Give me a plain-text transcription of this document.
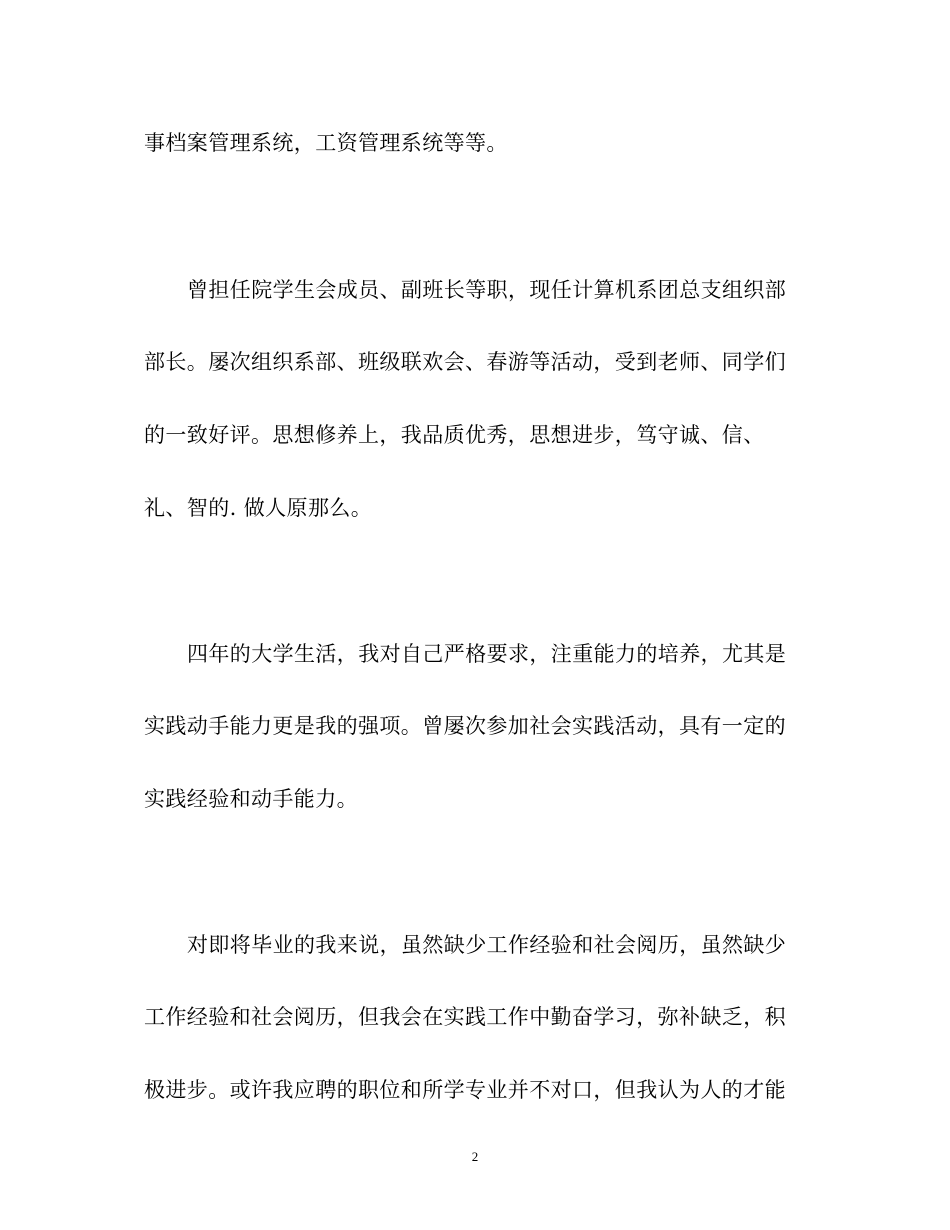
事档案管理系统，工资管理系统等等。
曾担任院学生会成员、副班长等职，现任计算机系团总支组织部
部长。屡次组织系部、班级联欢会、春游等活动，受到老师、同学们
的一致好评。思想修养上，我品质优秀，思想进步，笃守诚、信、
礼、智的. 做人原那么。
四年的大学生活，我对自己严格要求，注重能力的培养，尤其是
实践动手能力更是我的强项。曾屡次参加社会实践活动，具有一定的
实践经验和动手能力。
对即将毕业的我来说，虽然缺少工作经验和社会阅历，虽然缺少
工作经验和社会阅历，但我会在实践工作中勤奋学习，弥补缺乏，积
极进步。或许我应聘的职位和所学专业并不对口，但我认为人的才能
2
